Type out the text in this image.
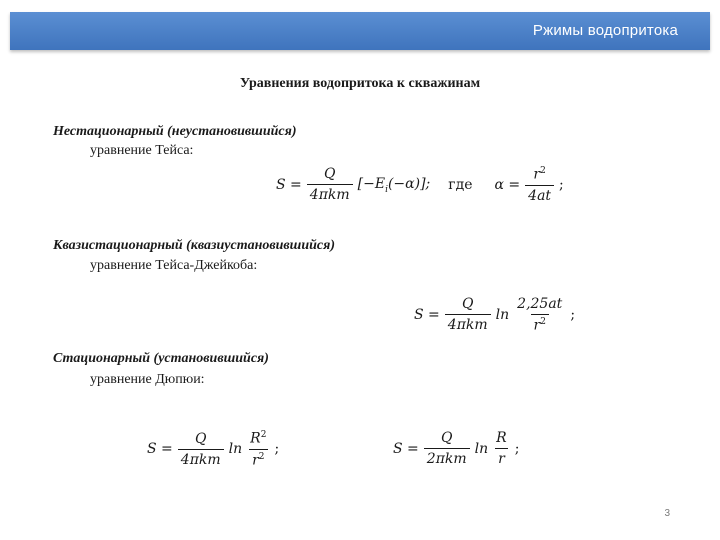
Ржимы водопритока
Уравнения водопритока к скважинам
Нестационарный (неустановившийся)
уравнение Тейса:
$S = \frac{Q}{\text{4πkm}} [-E_i(-\alpha)]$; где $\alpha = \frac{r^2}{4at}$ ;
Квазистационарный (квазиустановившийся)
уравнение Тейса-Джейкоба:
$S = \frac{Q}{\text{4πkm}}$ $\ln \frac{2,25at}{r^2}$ ;
Стационарный (установившийся)
уравнение Дюпюи:
$S = \frac{Q}{\text{4πkm}}$ $\ln \frac{R^2}{r^2}$ ;	$S = \frac{Q}{\text{2πkm}}$ $\ln \frac{R}{r}$ ;
3
